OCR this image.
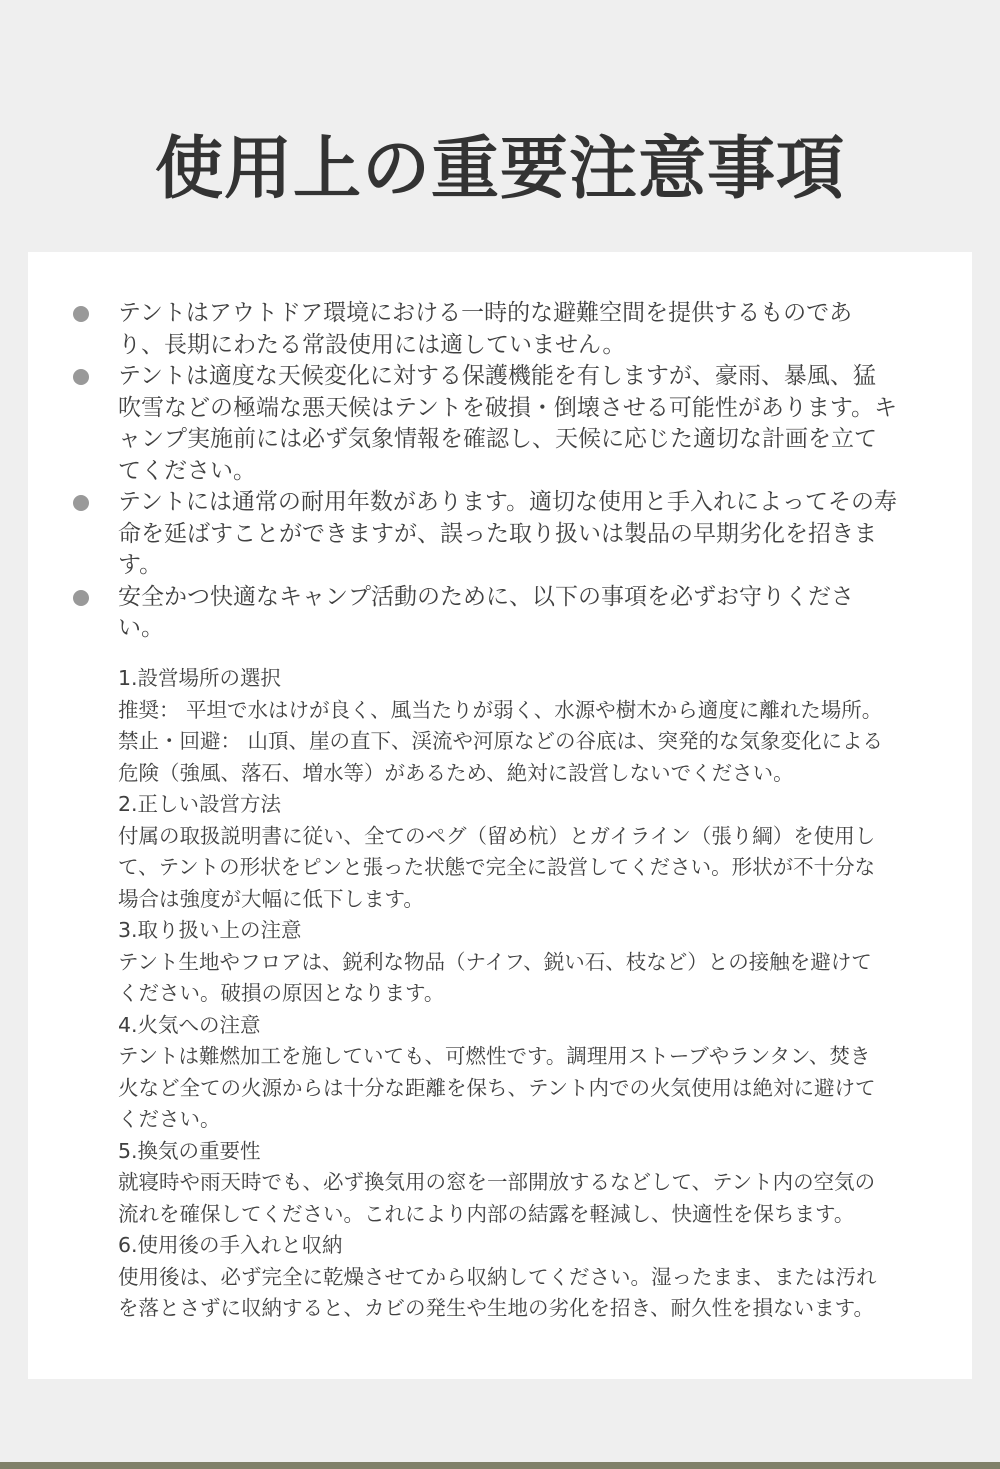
使用上の重要注意事項
テントはアウトドア環境における一時的な避難空間を提供するものであり、長期にわたる常設使用には適していません。
テントは適度な天候変化に対する保護機能を有しますが、豪雨、暴風、猛吹雪などの極端な悪天候はテントを破損・倒壊させる可能性があります。キャンプ実施前には必ず気象情報を確認し、天候に応じた適切な計画を立ててください。
テントには通常の耐用年数があります。適切な使用と手入れによってその寿命を延ばすことができますが、誤った取り扱いは製品の早期劣化を招きます。
安全かつ快適なキャンプ活動のために、以下の事項を必ずお守りください。

1.設営場所の選択

推奨： 平坦で水はけが良く、風当たりが弱く、水源や樹木から適度に離れた場所。

禁止・回避： 山頂、崖の直下、渓流や河原などの谷底は、突発的な気象変化による

危険（強風、落石、増水等）があるため、絶対に設営しないでください。

2.正しい設営方法

付属の取扱説明書に従い、全てのペグ（留め杭）とガイライン（張り綱）を使用し

て、テントの形状をピンと張った状態で完全に設営してください。形状が不十分な

場合は強度が大幅に低下します。

3.取り扱い上の注意

テント生地やフロアは、鋭利な物品（ナイフ、鋭い石、枝など）との接触を避けて

ください。破損の原因となります。

4.火気への注意

テントは難燃加工を施していても、可燃性です。調理用ストーブやランタン、焚き

火など全ての火源からは十分な距離を保ち、テント内での火気使用は絶対に避けて

ください。

5.換気の重要性

就寝時や雨天時でも、必ず換気用の窓を一部開放するなどして、テント内の空気の

流れを確保してください。これにより内部の結露を軽減し、快適性を保ちます。

6.使用後の手入れと収納

使用後は、必ず完全に乾燥させてから収納してください。湿ったまま、または汚れ

を落とさずに収納すると、カビの発生や生地の劣化を招き、耐久性を損ないます。
